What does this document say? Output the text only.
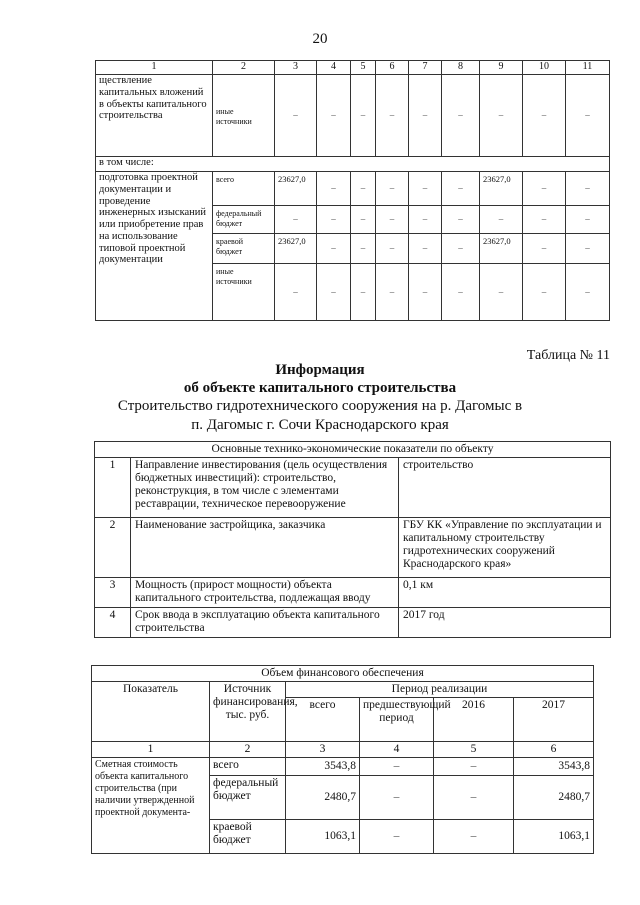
20
1	2	3	4	5	6	7	8	9	10	11
ществление капитальных вложений в объекты капитального строительства	иные источники	–	–	–	–	–	–	–	–	–
в том числе:										
подготовка проектной документации и проведение инженерных изысканий или приобретение прав на использование типовой проектной документации	всего	23627,0	–	–	–	–	–	23627,0	–	–
	федеральный бюджет	–	–	–	–	–	–	–	–	–
	краевой бюджет	23627,0	–	–	–	–	–	23627,0	–	–
	иные источники	–	–	–	–	–	–	–	–	–
Таблица № 11
Информация
об объекте капитального строительства
Строительство гидротехнического сооружения на р. Дагомыс в
п. Дагомыс г. Сочи Краснодарского края
Основные технико-экономические показатели по объекту		
1	Направление инвестирования (цель осуществления бюджетных инвестиций): строительство, реконструкция, в том числе с элементами реставрации, техническое перевооружение	строительство
2	Наименование застройщика, заказчика	ГБУ КК «Управление по эксплуатации и капитальному строительству гидротехнических сооружений Краснодарского края»
3	Мощность (прирост мощности) объекта капитального строительства, подлежащая вводу	0,1 км
4	Срок ввода в эксплуатацию объекта капитального строительства	2017 год
Объем финансового обеспечения					
Показатель	Источник финансирования, тыс. руб.	Период реализации			
		всего	предшествующий период	2016	2017
1	2	3	4	5	6
Сметная стоимость объекта капитального строительства (при наличии утвержденной проектной документа-	всего	3543,8	–	–	3543,8
	федеральный бюджет	2480,7	–	–	2480,7
	краевой бюджет	1063,1	–	–	1063,1
